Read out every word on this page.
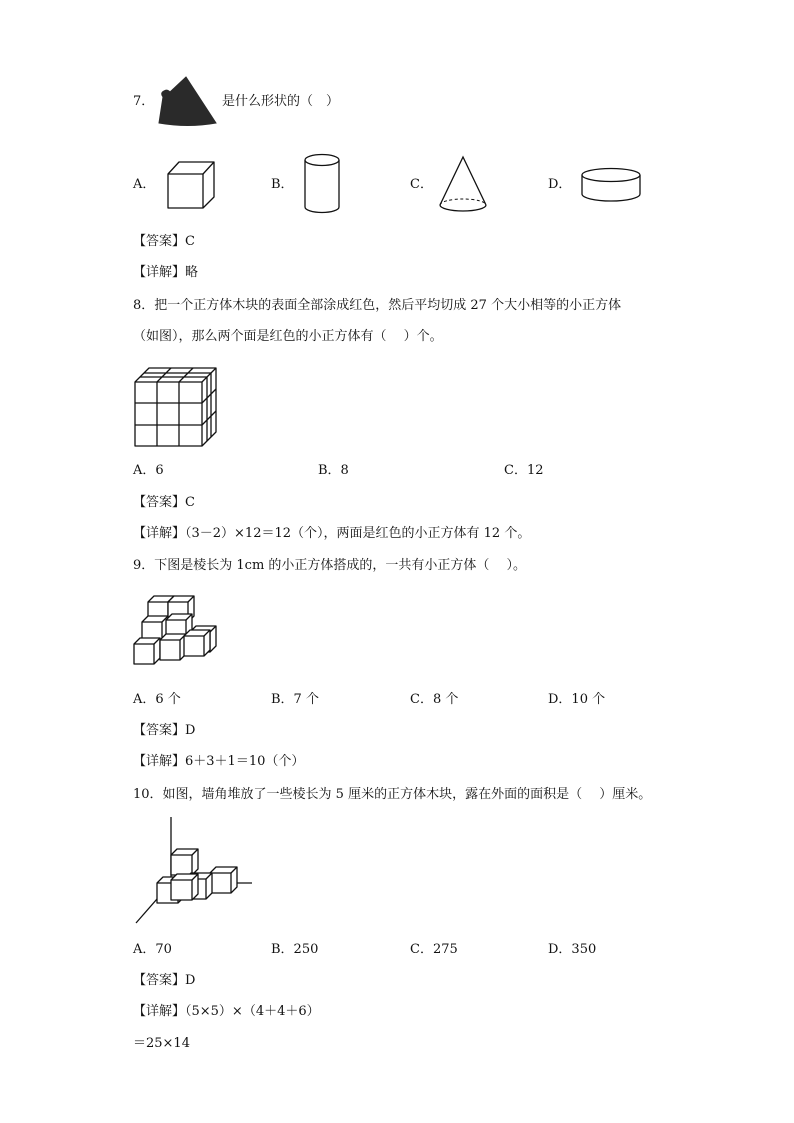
7．	是什么形状的（　）
A．	B．	C．	D．
【答案】C
【详解】略
8．把一个正方体木块的表面全部涂成红色，然后平均切成 27 个大小相等的小正方体
（如图），那么两个面是红色的小正方体有（　 ）个。
A．6	B．8	C．12
【答案】C
【详解】（3－2）×12＝12（个），两面是红色的小正方体有 12 个。
9．下图是棱长为 1cm 的小正方体搭成的，一共有小正方体（　 ）。
A．6 个	B．7 个	C．8 个	D．10 个
【答案】D
【详解】6＋3＋1＝10（个）
10．如图，墙角堆放了一些棱长为 5 厘米的正方体木块，露在外面的面积是（　 ）厘米。
A．70	B．250	C．275	D．350
【答案】D
【详解】（5×5）×（4＋4＋6）
＝25×14
